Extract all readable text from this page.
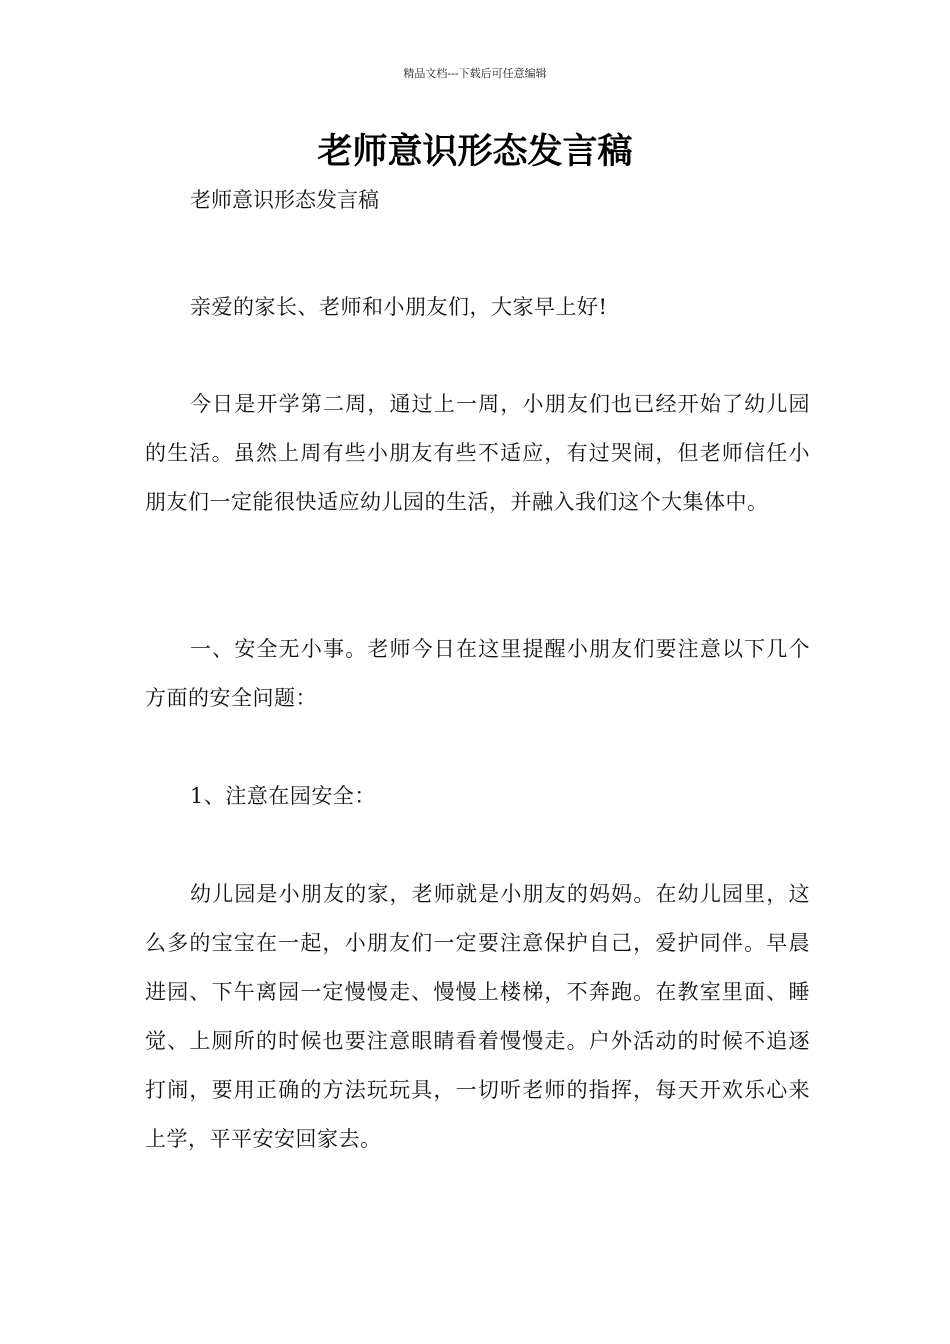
精品文档---下载后可任意编辑
老师意识形态发言稿

老师意识形态发言稿

亲爱的家长、老师和小朋友们，大家早上好!

今日是开学第二周，通过上一周，小朋友们也已经开始了幼儿园的生活。虽然上周有些小朋友有些不适应，有过哭闹，但老师信任小朋友们一定能很快适应幼儿园的生活，并融入我们这个大集体中。

一、安全无小事。老师今日在这里提醒小朋友们要注意以下几个方面的安全问题：

1、注意在园安全：

幼儿园是小朋友的家，老师就是小朋友的妈妈。在幼儿园里，这么多的宝宝在一起，小朋友们一定要注意保护自己，爱护同伴。早晨进园、下午离园一定慢慢走、慢慢上楼梯，不奔跑。在教室里面、睡觉、上厕所的时候也要注意眼睛看着慢慢走。户外活动的时候不追逐打闹，要用正确的方法玩玩具，一切听老师的指挥，每天开欢乐心来上学，平平安安回家去。
